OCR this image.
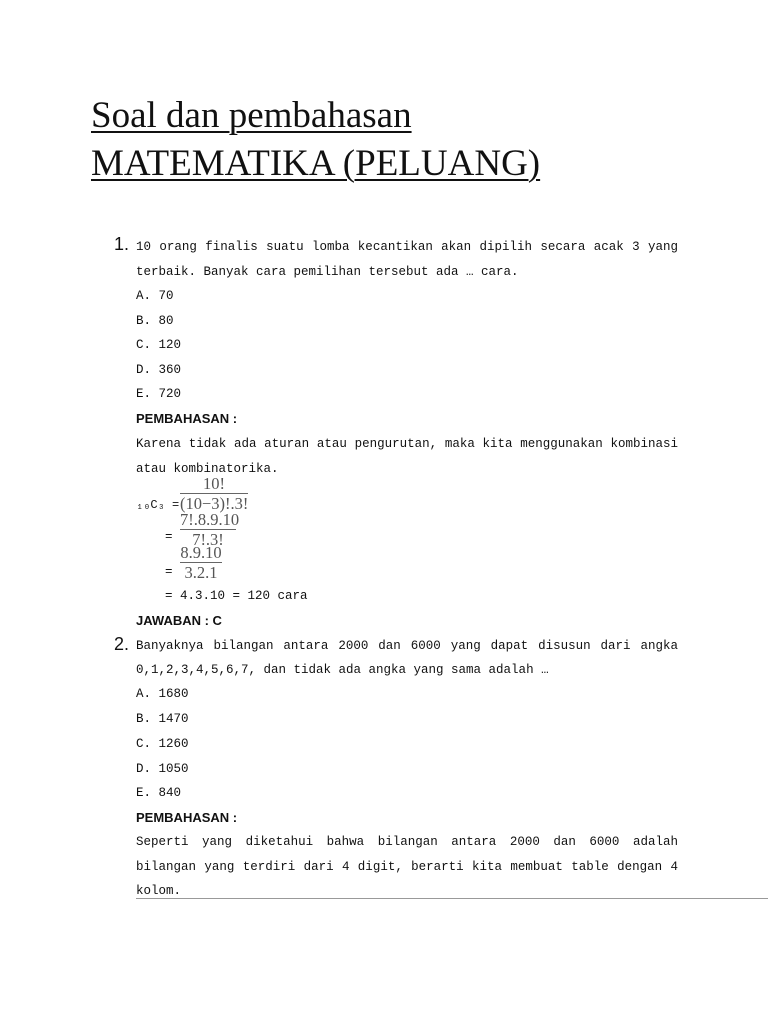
Soal dan pembahasan
MATEMATIKA (PELUANG)
1. 10 orang finalis suatu lomba kecantikan akan dipilih secara acak 3 yang
terbaik. Banyak cara pemilihan tersebut ada … cara.
A. 70
B. 80
C. 120
D. 360
E. 720
PEMBAHASAN :
Karena tidak ada aturan atau pengurutan, maka kita menggunakan kombinasi
atau kombinatorika.
₁₀C₃ =
10!
(10−3)!.3!
=
7!.8.9.10
7!.3!
=
8.9.10
3.2.1
= 4.3.10 = 120 cara
JAWABAN : C
2. Banyaknya bilangan antara 2000 dan 6000 yang dapat disusun dari angka
0,1,2,3,4,5,6,7, dan tidak ada angka yang sama adalah …
A. 1680
B. 1470
C. 1260
D. 1050
E. 840
PEMBAHASAN :
Seperti yang diketahui bahwa bilangan antara 2000 dan 6000 adalah
bilangan yang terdiri dari 4 digit, berarti kita membuat table dengan 4
kolom.
